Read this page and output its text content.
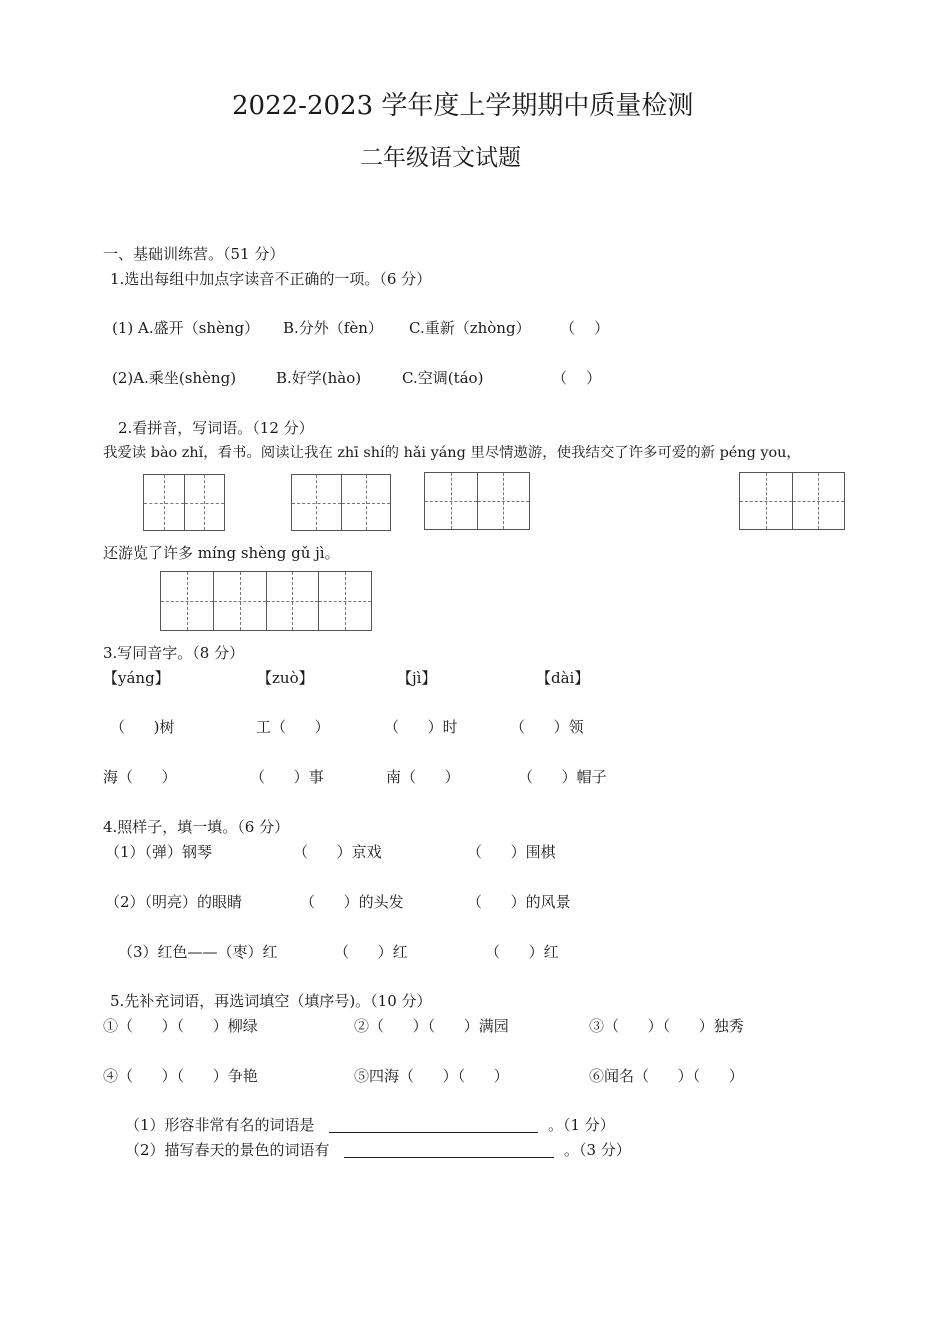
2022-2023 学年度上学期期中质量检测
二年级语文试题
一、基础训练营。（51 分）
1.选出每组中加点字读音不正确的一项。（6 分）
(1) A.盛开（shèng） B.分外（fèn） C.重新（zhòng） （    ）
(2)A.乘坐(shèng)	B.好学(hào)	C.空调(táo)	（    ）
2.看拼音，写词语。（12 分）
我爱读 bào zhǐ，看书。阅读让我在 zhī shí的 hǎi yáng 里尽情遨游，使我结交了许多可爱的新 péng you，
还游览了许多 míng shèng gǔ jì。
3.写同音字。（8 分）
【yáng】	【zuò】	【jì】	【dài】
（      )树	工（      ）	（      ）时	（      ）领
海（      ）	（      ）事	南（      ）	（      ）帽子
4.照样子，填一填。（6 分）
（1）（弹）钢琴	（      ）京戏	（      ）围棋
（2）（明亮）的眼睛	（      ）的头发	（      ）的风景
（3）红色——（枣）红	（      ）红	（      ）红
5.先补充词语，再选词填空（填序号)。（10 分）
①（      ）（      ）柳绿	②（      ）（      ）满园	③（      ）（      ）独秀
④（      ）（      ）争艳	⑤四海（      ）（      ）	⑥闻名（      ）（      ）
（1）形容非常有名的词语是	。（1 分）
（2）描写春天的景色的词语有	。（3 分）
